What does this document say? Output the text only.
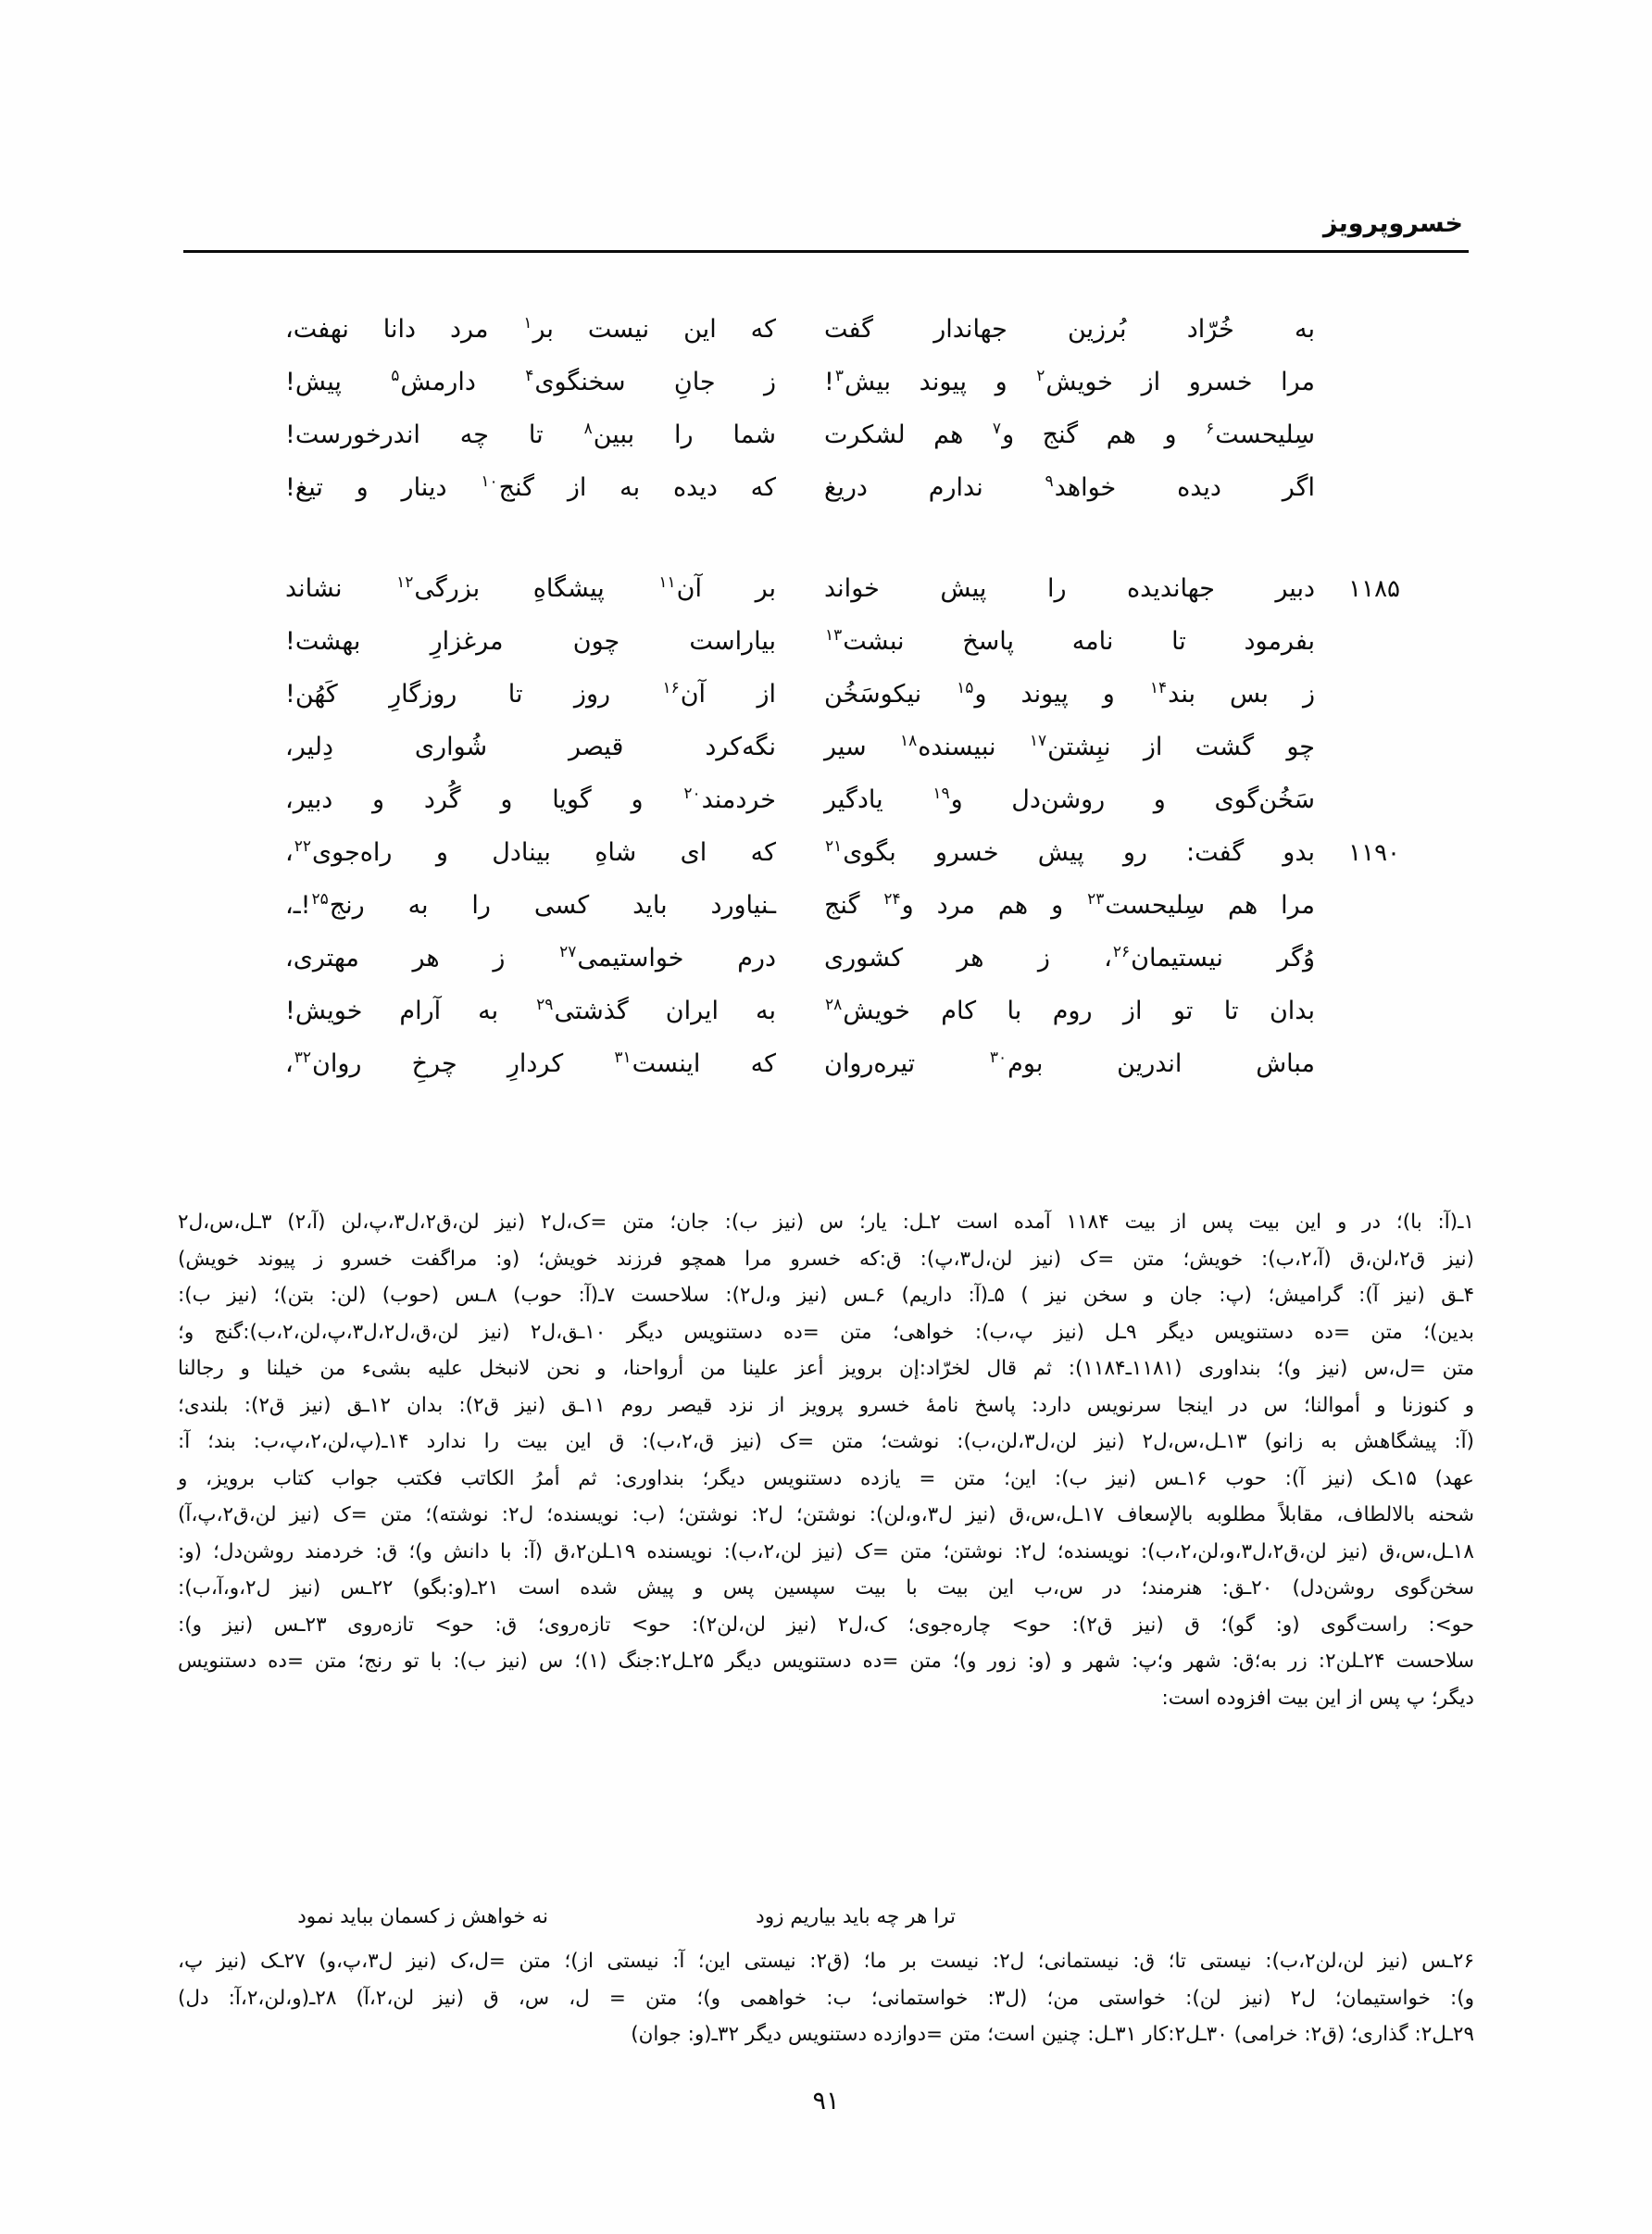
خسروپرویز
به خُرّاد بُرزین جهاندار گفت
که این نیست بر$^۱$ مرد دانا نهفت،
مرا خسرو از خویش$^۲$ و پیوند بیش$^۳$!
ز جانِ سخنگوی$^۴$ دارمش$^۵$ پیش!
سِلیحست$^۶$ و هم گنج و$^۷$ هم لشکرت
شما را ببین$^۸$ تا چه اندرخورست!
اگر دیده خواهد$^۹$ ندارم دریغ
که دیده به از گنج$^{۱۰}$ دینار و تیغ!
۱۱۸۵
دبیر جهاندیده را پیش خواند
بر آن$^{۱۱}$ پیشگاهِ بزرگی$^{۱۲}$ نشاند
بفرمود تا نامه پاسخ نبشت$^{۱۳}$
بیاراست چون مرغزارِ بهشت!
ز بس بند$^{۱۴}$ و پیوند و$^{۱۵}$ نیکوسَخُن
از آن$^{۱۶}$ روز تا روزگارِ کَهُن!
چو گشت از نبِشتن$^{۱۷}$ نبیسنده$^{۱۸}$ سیر
نگه‌کرد قیصر شُواری دِلیر،
سَخُن‌گوی و روشن‌دل و$^{۱۹}$ یادگیر
خردمند$^{۲۰}$ و گویا و گُرد و دبیر،
۱۱۹۰
بدو گفت: رو پیش خسرو بگوی$^{۲۱}$
که ای شاهِ بینادل و راه‌جوی$^{۲۲}$،
مرا هم سِلیحست$^{۲۳}$ و هم مرد و$^{۲۴}$ گنج
ـنیاورد باید کسی را به رنج$^{۲۵}$!ـ،
وُگر نیستیمان$^{۲۶}$، ز هر کشوری
درم خواستیمی$^{۲۷}$ ز هر مهتری،
بدان تا تو از روم با کام خویش$^{۲۸}$
به ایران گذشتی$^{۲۹}$ به آرام خویش!
مباش اندرین بوم$^{۳۰}$ تیره‌روان
که اینست$^{۳۱}$ کردارِ چرخِ روان$^{۳۲}$،
۱ـ(آ: با)؛ در و این بیت پس از بیت ۱۱۸۴ آمده است ۲ـل: یار؛ س (نیز ب): جان؛ متن =ک،ل۲ (نیز لن،ق۲،ل۳،پ،لن (آ،۲) ۳ـل،س،ل۲
(نیز ق۲،لن،ق (آ،۲،ب): خویش؛ متن =ک (نیز لن،ل۳،پ): ق:که خسرو مرا همچو فرزند خویش؛ (و: مراگفت خسرو ز پیوند خویش)
۴ـق (نیز آ): گرامیش؛ (پ: جان و سخن نیز ) ۵ـ(آ: داریم) ۶ـس (نیز و،ل۲): سلاحست ۷ـ(آ: حوب) ۸ـس (حوب) (لن: بتن)؛ (نیز ب):
بدین)؛ متن =ده دستنویس دیگر ۹ـل (نیز پ،ب): خواهی؛ متن =ده دستنویس دیگر ۱۰ـق،ل۲ (نیز لن،ق،ل۲،ل۳،پ،لن،۲،ب):گنج و؛
متن =ل،س (نیز و)؛ بنداوری (۱۱۸۱ـ۱۱۸۴): ثم قال لخرّاد:إن برویز أعز علینا من أرواحنا، و نحن لانبخل علیه بشیء من خیلنا و رجالنا
و کنوزنا و أموالنا؛ س در اینجا سرنویس دارد: پاسخ نامهٔ خسرو پرویز از نزد قیصر روم ۱۱ـق (نیز ق۲): بدان ۱۲ـق (نیز ق۲): بلندی؛
(آ: پیشگاهش به زانو) ۱۳ـل،س،ل۲ (نیز لن،ل۳،لن،ب): نوشت؛ متن =ک (نیز ق،۲،ب): ق این بیت را ندارد ۱۴ـ(پ،لن،۲،پ،ب: بند؛ آ:
عهد) ۱۵ـک (نیز آ): حوب ۱۶ـس (نیز ب): این؛ متن = یازده دستنویس دیگر؛ بنداوری: ثم أمرُ الکاتب فکتب جواب کتاب برویز، و
شحنه بالالطاف، مقابلاً مطلوبه بالإسعاف ۱۷ـل،س،ق (نیز ل۳،و،لن): نوشتن؛ ل۲: نوشتن؛ (ب: نویسنده؛ ل۲: نوشته)؛ متن =ک (نیز لن،ق۲،پ،آ)
۱۸ـل،س،ق (نیز لن،ق۲،ل۳،و،لن،۲،ب): نویسنده؛ ل۲: نوشتن؛ متن =ک (نیز لن،۲،ب): نویسنده ۱۹ـلن۲،ق (آ: با دانش و)؛ ق: خردمند روشن‌دل؛ (و:
سخن‌گوی روشن‌دل) ۲۰ـق: هنرمند؛ در س،ب این بیت با بیت سپسین پس و پیش شده است ۲۱ـ(و:بگو) ۲۲ـس (نیز ل۲،و،آ،ب):
حو>: راست‌گوی (و: گو)؛ ق (نیز ق۲): حو> چاره‌جوی؛ ک،ل۲ (نیز لن،لن۲): حو> تازه‌روی؛ ق: حو> تازه‌روی ۲۳ـس (نیز و):
سلاحست ۲۴ـلن۲: زر به؛ق: شهر و؛پ: شهر و (و: زور و)؛ متن =ده دستنویس دیگر ۲۵ـل۲:جنگ (۱)؛ س (نیز ب): با تو رنج؛ متن =ده دستنویس
دیگر؛ پ پس از این بیت افزوده است:
ترا هر چه باید بیاریم زود
نه خواهش ز کسمان بباید نمود
۲۶ـس (نیز لن،لن۲،ب): نیستی تا؛ ق: نیستمانی؛ ل۲: نیست بر ما؛ (ق۲: نیستی این؛ آ: نیستی از)؛ متن =ل،ک (نیز ل۳،پ،و) ۲۷ـک (نیز پ،
و): خواستیمان؛ ل۲ (نیز لن): خواستی من؛ (ل۳: خواستمانی؛ ب: خواهمی و)؛ متن = ل، س، ق (نیز لن،۲،آ) ۲۸ـ(و،لن،۲،آ: دل)
۲۹ـل۲: گذاری؛ (ق۲: خرامی) ۳۰ـل۲:کار ۳۱ـل: چنین است؛ متن =دوازده دستنویس دیگر ۳۲ـ(و: جوان)
۹۱
